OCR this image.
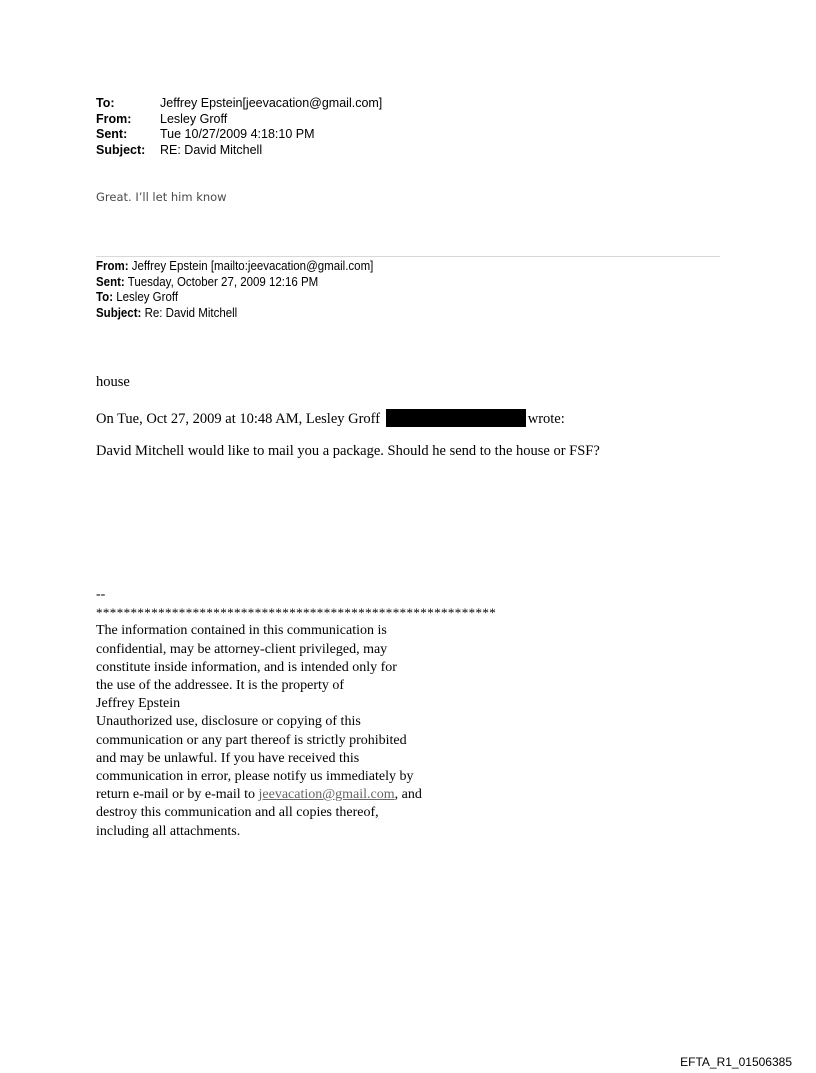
To:	Jeffrey Epstein[jeevacation@gmail.com]
From:	Lesley Groff
Sent:	Tue 10/27/2009 4:18:10 PM
Subject:	RE: David Mitchell
Great. I’ll let him know
From: Jeffrey Epstein [mailto:jeevacation@gmail.com]
Sent: Tuesday, October 27, 2009 12:16 PM
To: Lesley Groff
Subject: Re: David Mitchell
house
On Tue, Oct 27, 2009 at 10:48 AM, Lesley Groff	wrote:
David Mitchell would like to mail you a package. Should he send to the house or FSF?
--
**********************************************************
The information contained in this communication is
confidential, may be attorney-client privileged, may
constitute inside information, and is intended only for
the use of the addressee. It is the property of
Jeffrey Epstein
Unauthorized use, disclosure or copying of this
communication or any part thereof is strictly prohibited
and may be unlawful. If you have received this
communication in error, please notify us immediately by
return e-mail or by e-mail to jeevacation@gmail.com, and
destroy this communication and all copies thereof,
including all attachments.
EFTA_R1_01506385
